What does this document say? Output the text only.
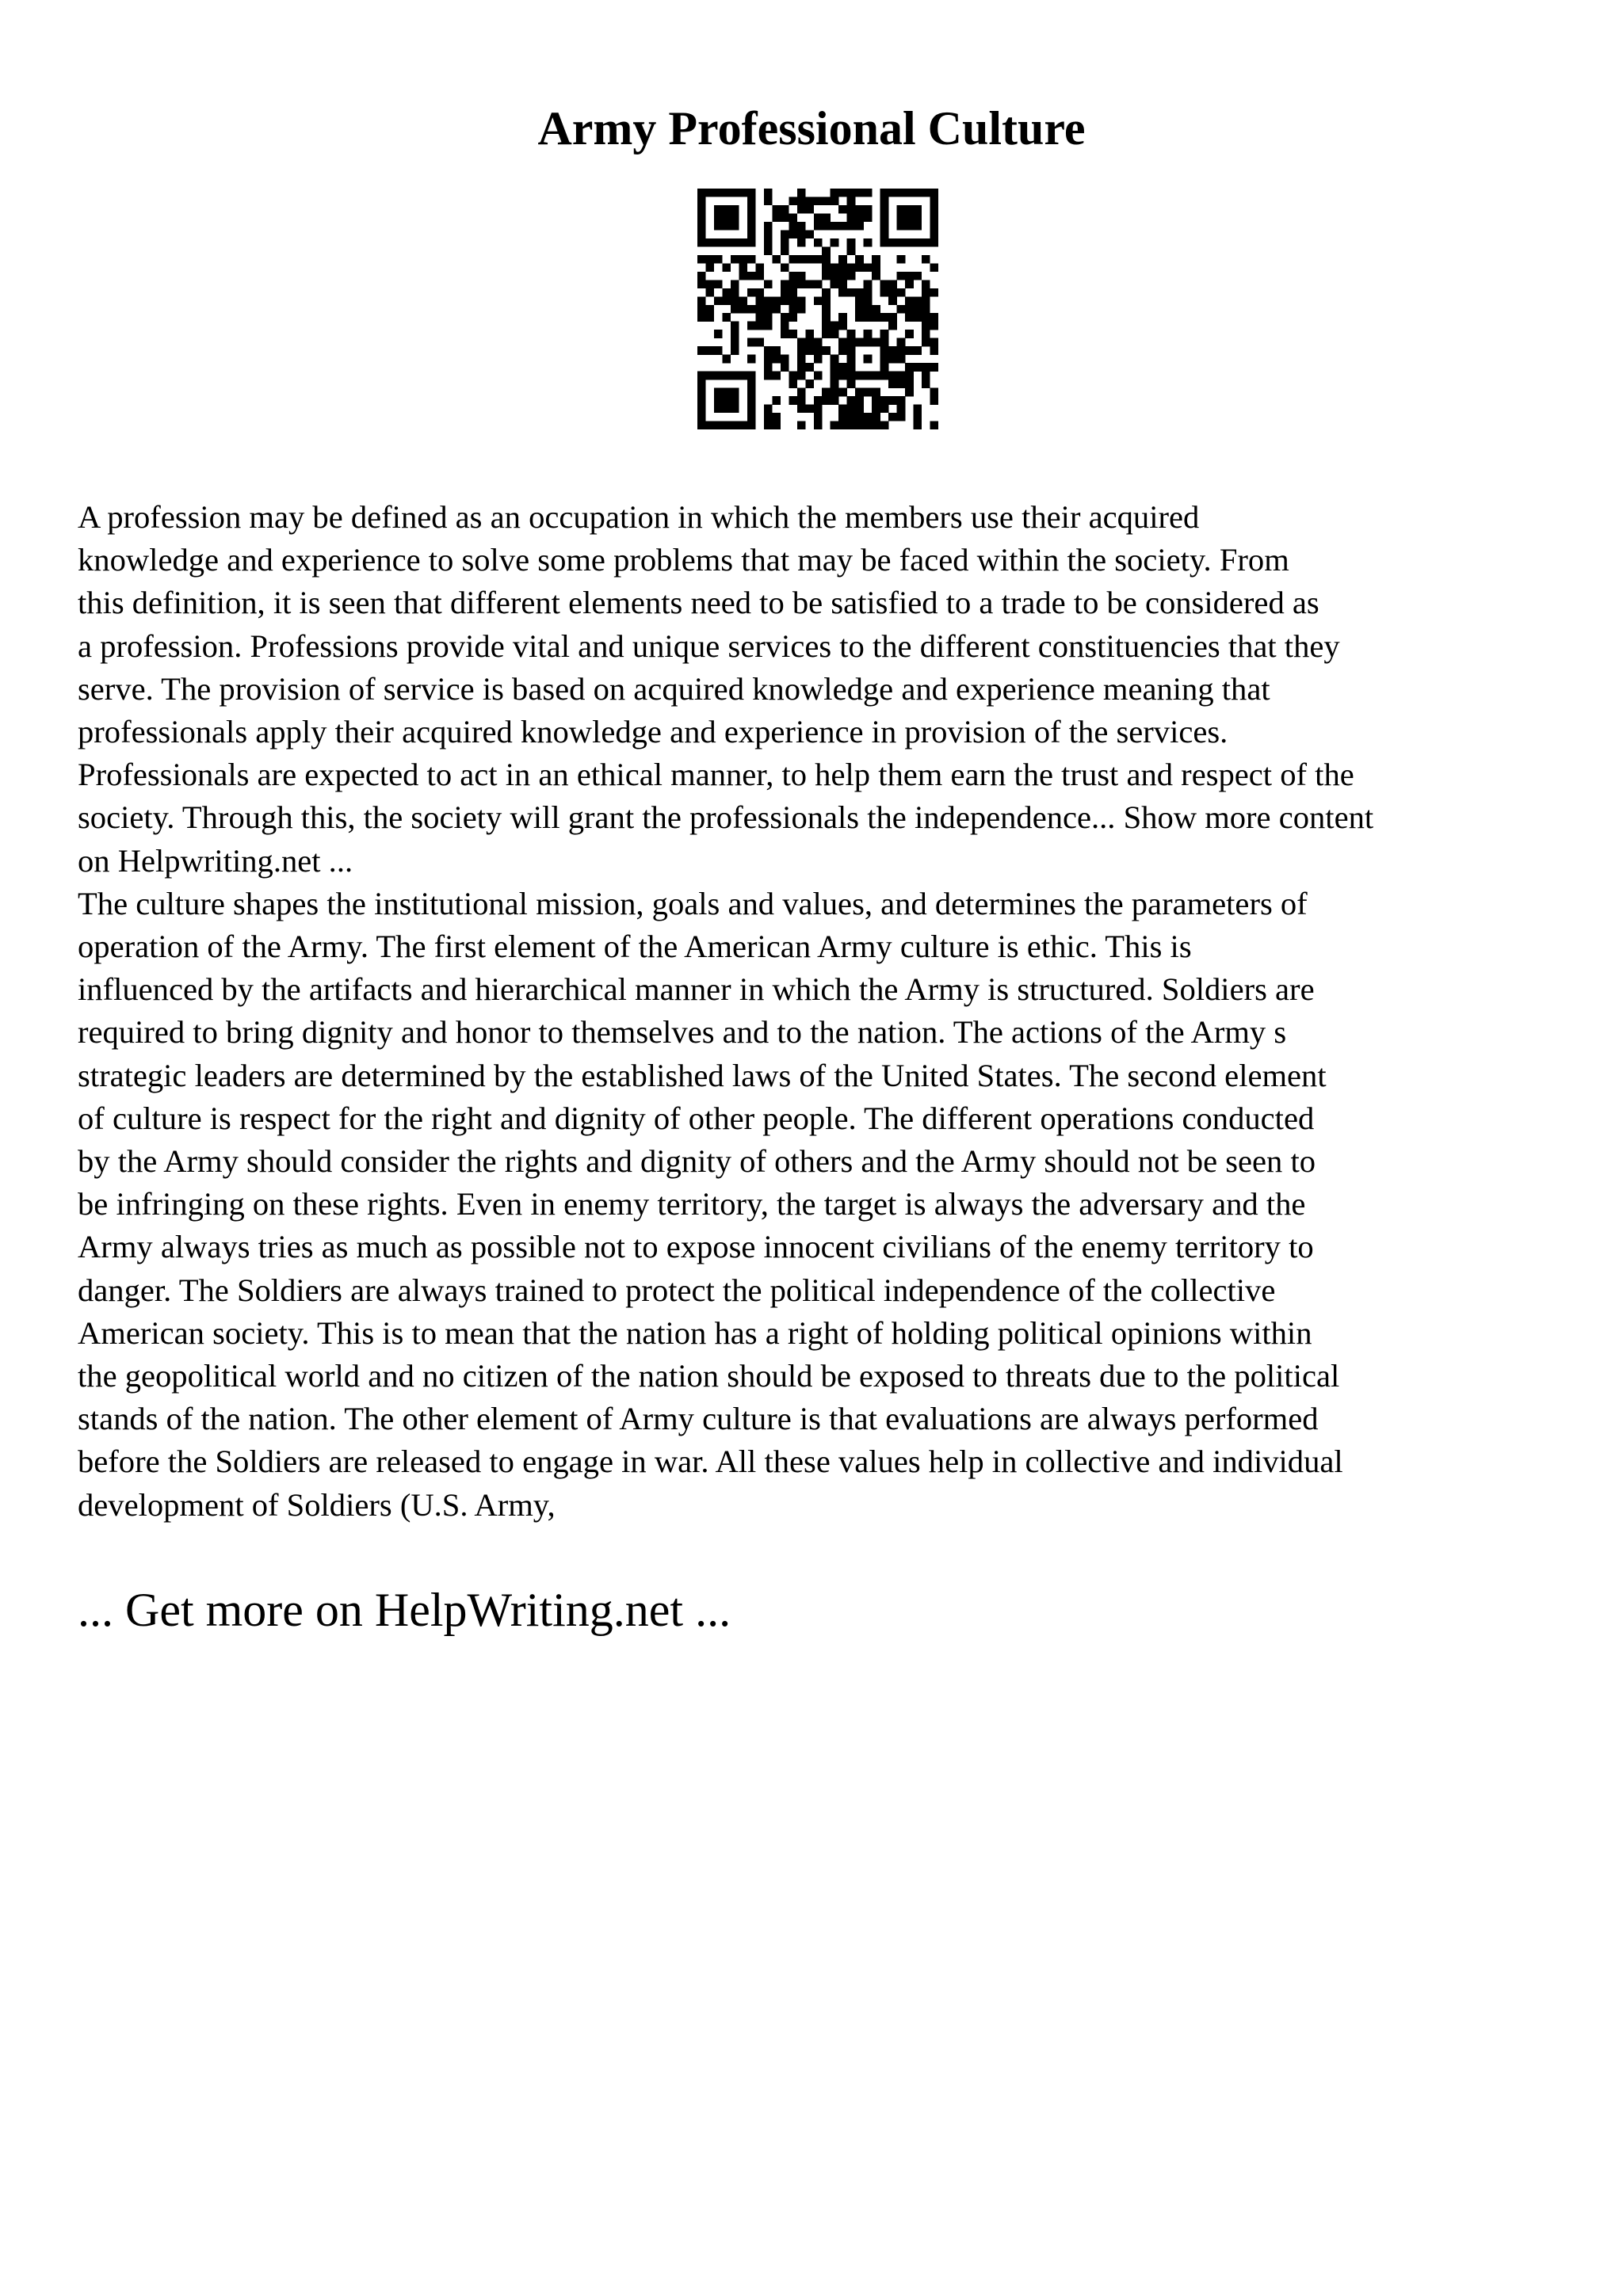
Army Professional Culture

A profession may be defined as an occupation in which the members use their acquired
knowledge and experience to solve some problems that may be faced within the society. From
this definition, it is seen that different elements need to be satisfied to a trade to be considered as
a profession. Professions provide vital and unique services to the different constituencies that they
serve. The provision of service is based on acquired knowledge and experience meaning that
professionals apply their acquired knowledge and experience in provision of the services.
Professionals are expected to act in an ethical manner, to help them earn the trust and respect of the
society. Through this, the society will grant the professionals the independence... Show more content
on Helpwriting.net ...

The culture shapes the institutional mission, goals and values, and determines the parameters of
operation of the Army. The first element of the American Army culture is ethic. This is
influenced by the artifacts and hierarchical manner in which the Army is structured. Soldiers are
required to bring dignity and honor to themselves and to the nation. The actions of the Army s
strategic leaders are determined by the established laws of the United States. The second element
of culture is respect for the right and dignity of other people. The different operations conducted
by the Army should consider the rights and dignity of others and the Army should not be seen to
be infringing on these rights. Even in enemy territory, the target is always the adversary and the
Army always tries as much as possible not to expose innocent civilians of the enemy territory to
danger. The Soldiers are always trained to protect the political independence of the collective
American society. This is to mean that the nation has a right of holding political opinions within
the geopolitical world and no citizen of the nation should be exposed to threats due to the political
stands of the nation. The other element of Army culture is that evaluations are always performed
before the Soldiers are released to engage in war. All these values help in collective and individual
development of Soldiers (U.S. Army,

... Get more on HelpWriting.net ...
